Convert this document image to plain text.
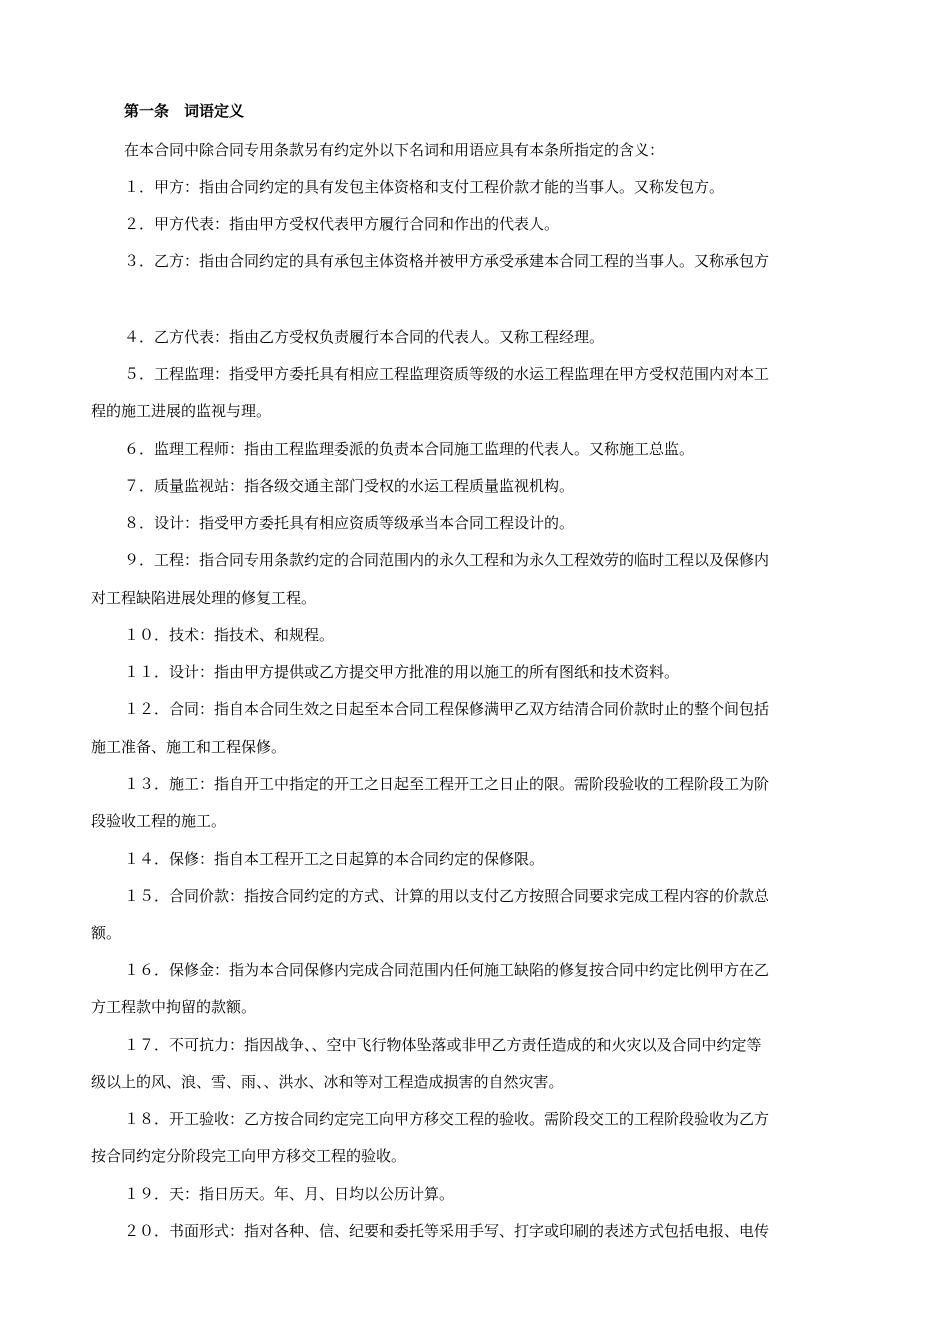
第一条　词语定义
在本合同中除合同专用条款另有约定外以下名词和用语应具有本条所指定的含义：
１．甲方：指由合同约定的具有发包主体资格和支付工程价款才能的当事人。又称发包方。
２．甲方代表：指由甲方受权代表甲方履行合同和作出的代表人。
３．乙方：指由合同约定的具有承包主体资格并被甲方承受承建本合同工程的当事人。又称承包方
４．乙方代表：指由乙方受权负责履行本合同的代表人。又称工程经理。
５．工程监理：指受甲方委托具有相应工程监理资质等级的水运工程监理在甲方受权范围内对本工
程的施工进展的监视与理。
６．监理工程师：指由工程监理委派的负责本合同施工监理的代表人。又称施工总监。
７．质量监视站：指各级交通主部门受权的水运工程质量监视机构。
８．设计：指受甲方委托具有相应资质等级承当本合同工程设计的。
９．工程：指合同专用条款约定的合同范围内的永久工程和为永久工程效劳的临时工程以及保修内
对工程缺陷进展处理的修复工程。
１０．技术：指技术、和规程。
１１．设计：指由甲方提供或乙方提交甲方批准的用以施工的所有图纸和技术资料。
１２．合同：指自本合同生效之日起至本合同工程保修满甲乙双方结清合同价款时止的整个间包括
施工准备、施工和工程保修。
１３．施工：指自开工中指定的开工之日起至工程开工之日止的限。需阶段验收的工程阶段工为阶
段验收工程的施工。
１４．保修：指自本工程开工之日起算的本合同约定的保修限。
１５．合同价款：指按合同约定的方式、计算的用以支付乙方按照合同要求完成工程内容的价款总
额。
１６．保修金：指为本合同保修内完成合同范围内任何施工缺陷的修复按合同中约定比例甲方在乙
方工程款中拘留的款额。
１７．不可抗力：指因战争、、空中飞行物体坠落或非甲乙方责任造成的和火灾以及合同中约定等
级以上的风、浪、雪、雨、、洪水、冰和等对工程造成损害的自然灾害。
１８．开工验收：乙方按合同约定完工向甲方移交工程的验收。需阶段交工的工程阶段验收为乙方
按合同约定分阶段完工向甲方移交工程的验收。
１９．天：指日历天。年、月、日均以公历计算。
２０．书面形式：指对各种、信、纪要和委托等采用手写、打字或印刷的表述方式包括电报、电传
